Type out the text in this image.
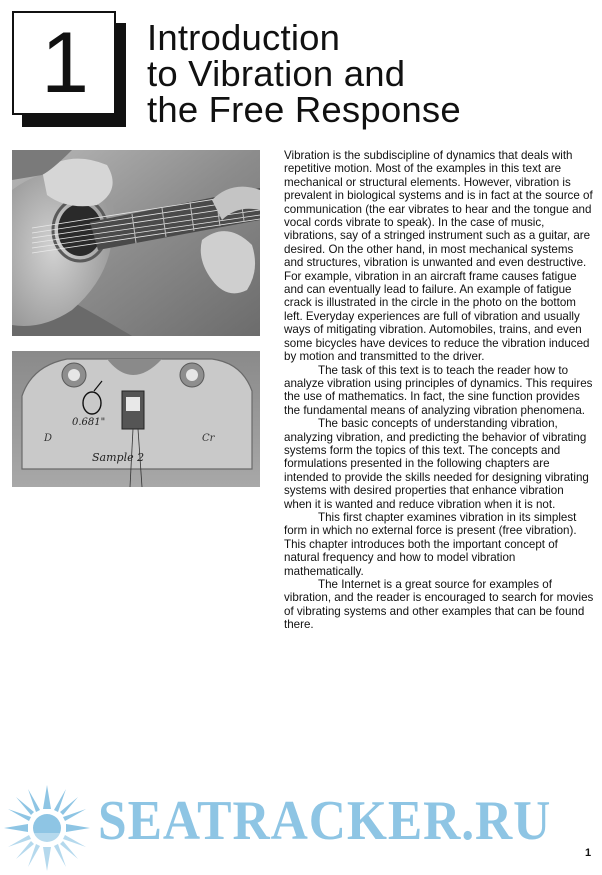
1 Introduction
to Vibration and
the Free Response
0.681"
Sample 2
D	Cr

Vibration is the subdiscipline of dynamics that deals with repetitive motion. Most of the examples in this text are mechanical or structural elements. However, vibration is prevalent in biological systems and is in fact at the source of communication (the ear vibrates to hear and the tongue and vocal cords vibrate to speak). In the case of music, vibrations, say of a stringed instrument such as a guitar, are desired. On the other hand, in most mechanical systems and structures, vibration is unwanted and even destructive. For example, vibration in an aircraft frame causes fatigue and can eventually lead to failure. An example of fatigue crack is illustrated in the circle in the photo on the bottom left. Everyday experiences are full of vibration and usually ways of mitigating vibration. Automobiles, trains, and even some bicycles have devices to reduce the vibration induced by motion and transmitted to the driver.

The task of this text is to teach the reader how to analyze vibration using principles of dynamics. This requires the use of mathematics. In fact, the sine function provides the fundamental means of analyzing vibration phenomena.

The basic concepts of understanding vibration, analyzing vibration, and predicting the behavior of vibrating systems form the topics of this text. The concepts and formulations presented in the following chapters are intended to provide the skills needed for designing vibrating systems with desired properties that enhance vibration when it is wanted and reduce vibration when it is not.

This first chapter examines vibration in its simplest form in which no external force is present (free vibration). This chapter introduces both the important concept of natural frequency and how to model vibration mathematically.

The Internet is a great source for examples of vibration, and the reader is encouraged to search for movies of vibrating systems and other examples that can be found there.

SEATRACKER.RU
1
